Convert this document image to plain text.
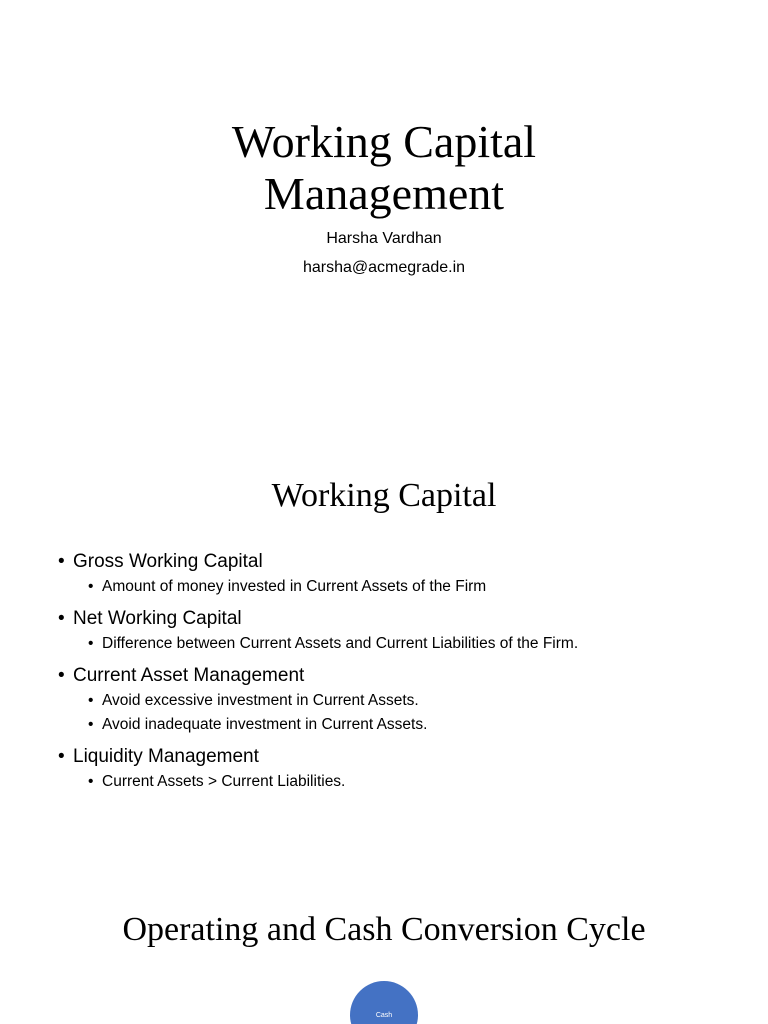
Working Capital
Management
Harsha Vardhan
harsha@acmegrade.in
Working Capital
• Gross Working Capital
• Amount of money invested in Current Assets of the Firm
• Net Working Capital
• Difference between Current Assets and Current Liabilities of the Firm.
• Current Asset Management
• Avoid excessive investment in Current Assets.
• Avoid inadequate investment in Current Assets.
• Liquidity Management
• Current Assets > Current Liabilities.
Operating and Cash Conversion Cycle
Cash
